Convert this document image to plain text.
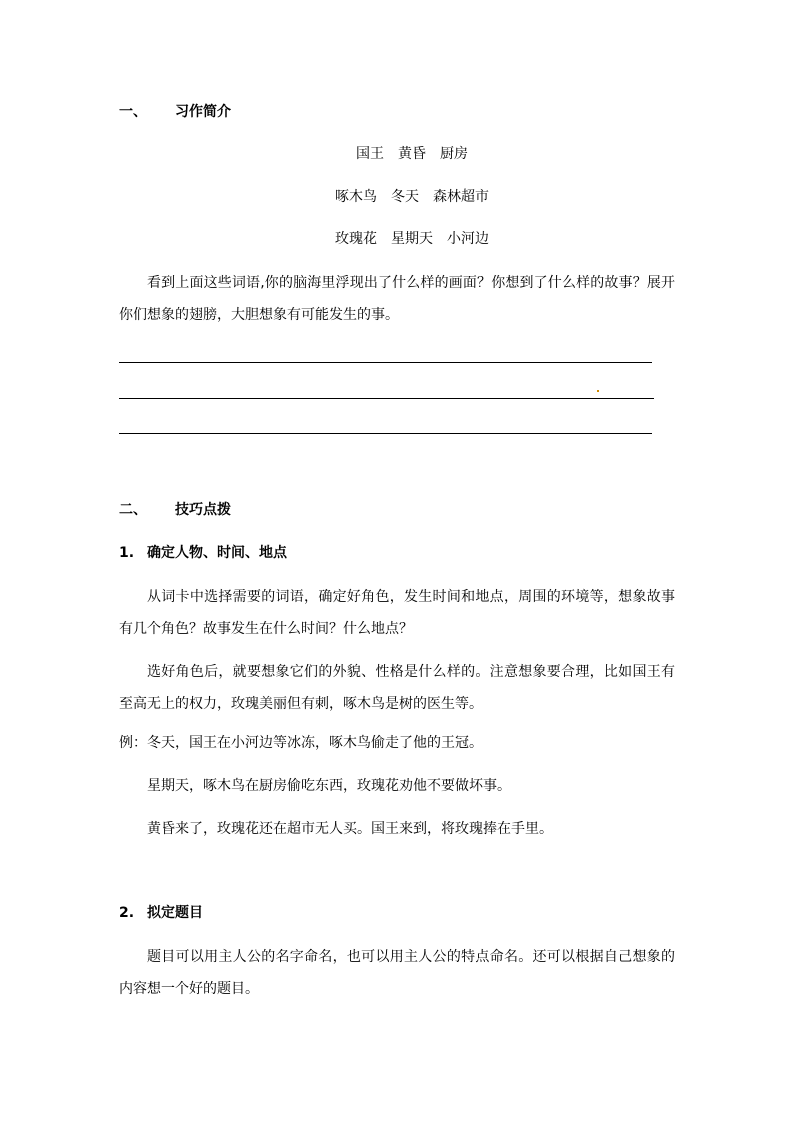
一、 习作简介
国王 黄昏 厨房
啄木鸟 冬天 森林超市
玫瑰花 星期天 小河边
看到上面这些词语,你的脑海里浮现出了什么样的画面？你想到了什么样的故事？展开你们想象的翅膀，大胆想象有可能发生的事。
二、 技巧点拨
1. 确定人物、时间、地点
从词卡中选择需要的词语，确定好角色，发生时间和地点，周围的环境等，想象故事有几个角色？故事发生在什么时间？什么地点？
选好角色后，就要想象它们的外貌、性格是什么样的。注意想象要合理，比如国王有至高无上的权力，玫瑰美丽但有刺，啄木鸟是树的医生等。
例：冬天，国王在小河边等冰冻，啄木鸟偷走了他的王冠。
星期天，啄木鸟在厨房偷吃东西，玫瑰花劝他不要做坏事。
黄昏来了，玫瑰花还在超市无人买。国王来到，将玫瑰捧在手里。
2. 拟定题目
题目可以用主人公的名字命名，也可以用主人公的特点命名。还可以根据自己想象的内容想一个好的题目。
